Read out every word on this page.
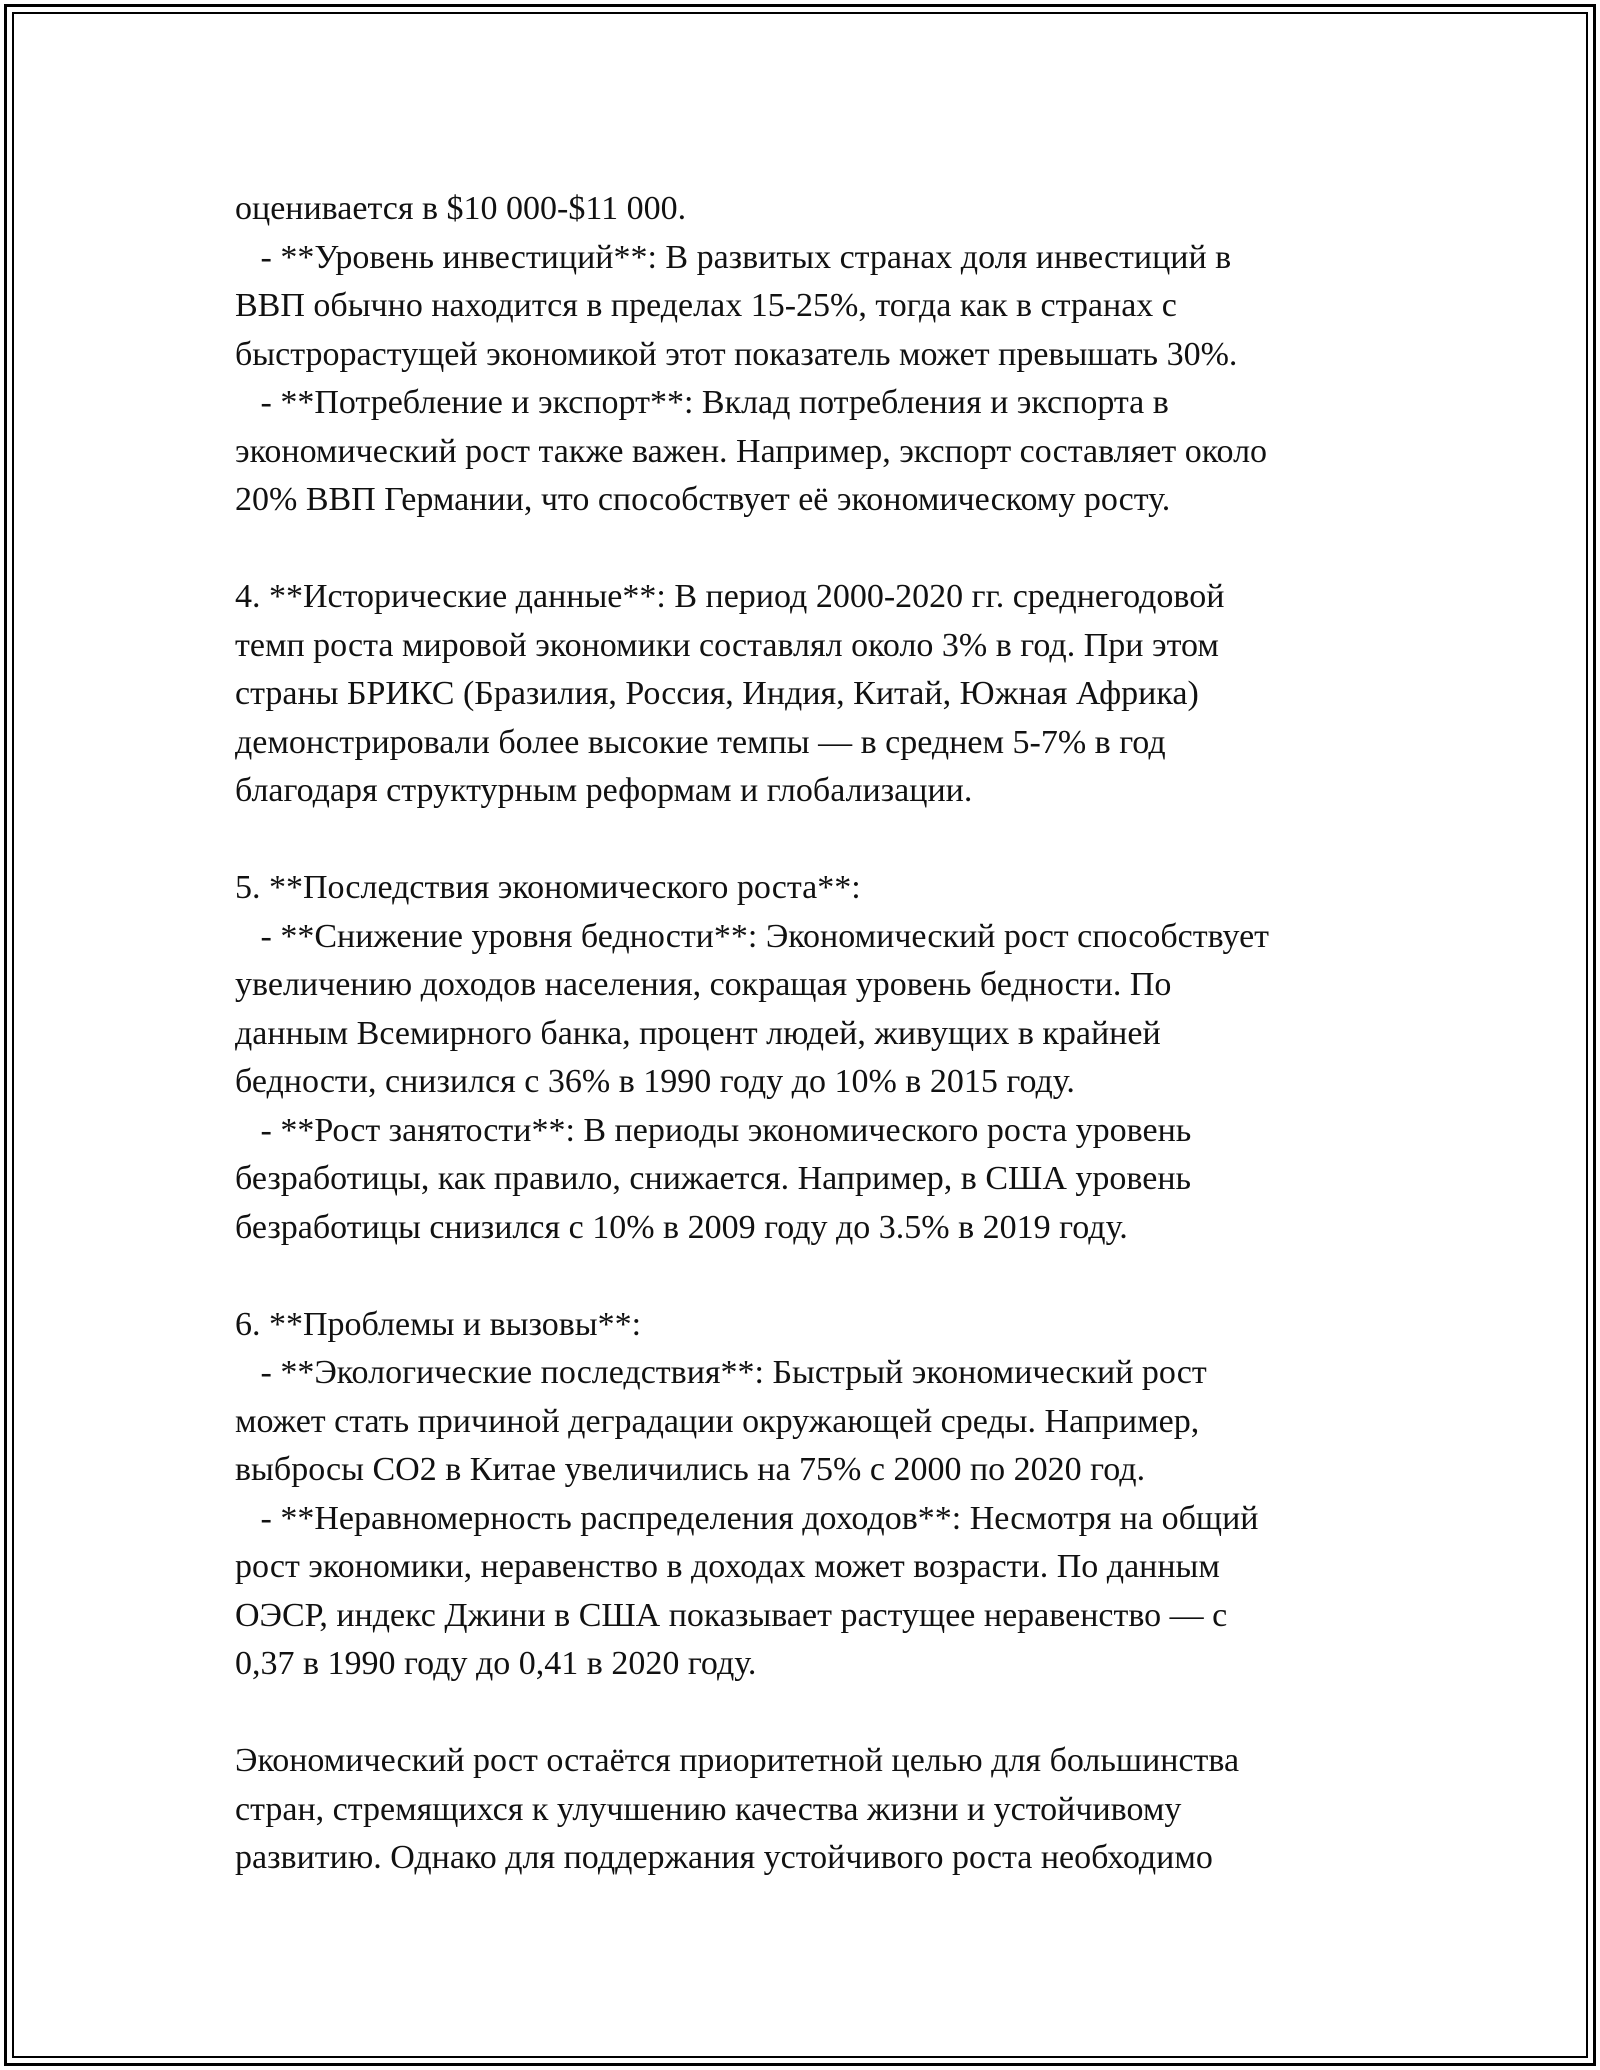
оценивается в $10 000-$11 000.
- **Уровень инвестиций**: В развитых странах доля инвестиций в
ВВП обычно находится в пределах 15-25%, тогда как в странах с
быстрорастущей экономикой этот показатель может превышать 30%.
- **Потребление и экспорт**: Вклад потребления и экспорта в
экономический рост также важен. Например, экспорт составляет около
20% ВВП Германии, что способствует её экономическому росту.
4. **Исторические данные**: В период 2000-2020 гг. среднегодовой
темп роста мировой экономики составлял около 3% в год. При этом
страны БРИКС (Бразилия, Россия, Индия, Китай, Южная Африка)
демонстрировали более высокие темпы — в среднем 5-7% в год
благодаря структурным реформам и глобализации.
5. **Последствия экономического роста**:
- **Снижение уровня бедности**: Экономический рост способствует
увеличению доходов населения, сокращая уровень бедности. По
данным Всемирного банка, процент людей, живущих в крайней
бедности, снизился с 36% в 1990 году до 10% в 2015 году.
- **Рост занятости**: В периоды экономического роста уровень
безработицы, как правило, снижается. Например, в США уровень
безработицы снизился с 10% в 2009 году до 3.5% в 2019 году.
6. **Проблемы и вызовы**:
- **Экологические последствия**: Быстрый экономический рост
может стать причиной деградации окружающей среды. Например,
выбросы CO2 в Китае увеличились на 75% с 2000 по 2020 год.
- **Неравномерность распределения доходов**: Несмотря на общий
рост экономики, неравенство в доходах может возрасти. По данным
ОЭСР, индекс Джини в США показывает растущее неравенство — с
0,37 в 1990 году до 0,41 в 2020 году.
Экономический рост остаётся приоритетной целью для большинства
стран, стремящихся к улучшению качества жизни и устойчивому
развитию. Однако для поддержания устойчивого роста необходимо
